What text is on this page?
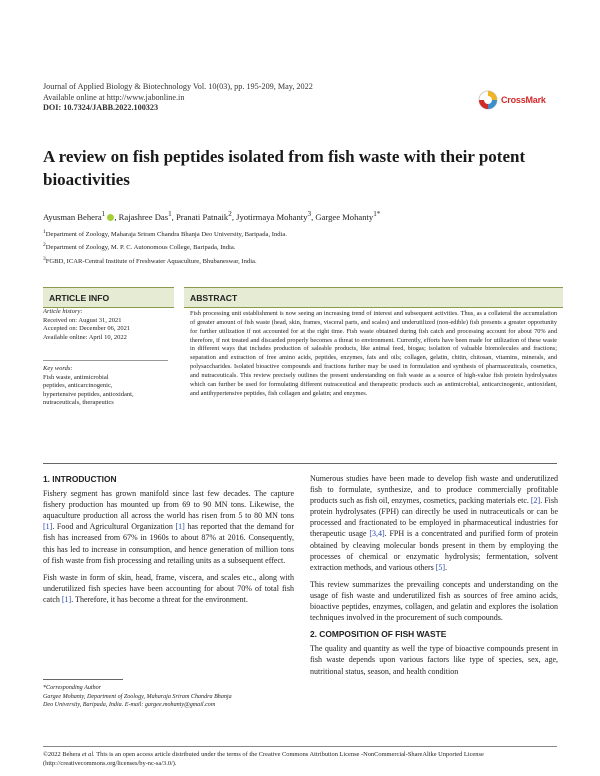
Journal of Applied Biology & Biotechnology Vol. 10(03), pp. 195-209, May, 2022
Available online at http://www.jabonline.in
DOI: 10.7324/JABB.2022.100323
CrossMark
A review on fish peptides isolated from fish waste with their potent bioactivities
Ayusman Behera$^1$ , Rajashree Das$^1$, Pranati Patnaik$^2$, Jyotirmaya Mohanty$^3$, Gargee Mohanty$^{1*}$
$^1$Department of Zoology, Maharaja Sriram Chandra Bhanja Deo University, Baripada, India.
$^2$Department of Zoology, M. P. C. Autonomous College, Baripada, India.
$^3$FGBD, ICAR-Central Institute of Freshwater Aquaculture, Bhubaneswar, India.
ARTICLE INFO	ABSTRACT
Article history:
Received on: August 31, 2021
Accepted on: December 06, 2021
Available online: April 10, 2022
Key words:
Fish waste, antimicrobial
peptides, anticarcinogenic,
hypertensive peptides, antioxidant,
nutraceuticals, therapeutics
Fish processing unit establishment is now seeing an increasing trend of interest and subsequent activities. Thus, as a collateral the accumulation of greater amount of fish waste (head, skin, frames, visceral parts, and scales) and underutilized (non-edible) fish presents a greater opportunity for further utilization if not accounted for at the right time. Fish waste obtained during fish catch and processing account for about 70% and therefore, if not treated and discarded properly becomes a threat to environment. Currently, efforts have been made for utilization of these waste in different ways that includes production of saleable products, like animal feed, biogas; isolation of valuable biomolecules and fractions; separation and extraction of free amino acids, peptides, enzymes, fats and oils; collagen, gelatin, chitin, chitosan, vitamins, minerals, and polysaccharides. Isolated bioactive compounds and fractions further may be used in formulation and synthesis of pharmaceuticals, cosmetics, and nutraceuticals. This review precisely outlines the present understanding on fish waste as a source of high-value fish protein hydrolysates which can further be used for formulating different nutraceutical and therapeutic products such as antimicrobial, anticarcinogenic, antioxidant, and antihypertensive peptides, fish collagen and gelatin; and enzymes.
1. INTRODUCTION

Fishery segment has grown manifold since last few decades. The capture fishery production has mounted up from 69 to 90 MN tons. Likewise, the aquaculture production all across the world has risen from 5 to 80 MN tons [1]. Food and Agricultural Organization [1] has reported that the demand for fish has increased from 67% in 1960s to about 87% at 2016. Consequently, this has led to increase in consumption, and hence generation of million tons of fish waste from fish processing and retailing units as a subsequent effect.

Fish waste in form of skin, head, frame, viscera, and scales etc., along with underutilized fish species have been accounting for about 70% of total fish catch [1]. Therefore, it has become a threat for the environment.

Numerous studies have been made to develop fish waste and underutilized fish to formulate, synthesize, and to produce commercially profitable products such as fish oil, enzymes, cosmetics, packing materials etc. [2]. Fish protein hydrolysates (FPH) can directly be used in nutraceuticals or can be processed and fractionated to be employed in pharmaceutical industries for therapeutic usage [3,4]. FPH is a concentrated and purified form of protein obtained by cleaving molecular bonds present in them by employing the processes of chemical or enzymatic hydrolysis; fermentation, solvent extraction methods, and various others [5].

This review summarizes the prevailing concepts and understanding on the usage of fish waste and underutilized fish as sources of free amino acids, bioactive peptides, enzymes, collagen, and gelatin and explores the isolation techniques involved in the procurement of such compounds.

2. COMPOSITION OF FISH WASTE

The quality and quantity as well the type of bioactive compounds present in fish waste depends upon various factors like type of species, sex, age, nutritional status, season, and health condition

*Corresponding Author
Gargee Mohanty, Department of Zoology, Maharaja Sriram Chandra Bhanja
Deo University, Baripada, India. E-mail: gargee.mohanty@gmail.com
©2022 Behera et al. This is an open access article distributed under the terms of the Creative Commons Attribution License -NonCommercial-ShareAlike Unported License (http://creativecommons.org/licenses/by-nc-sa/3.0/).
